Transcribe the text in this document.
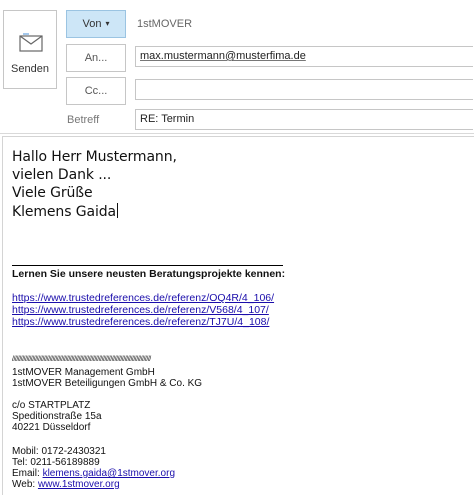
Senden
Von ▾	1stMOVER
An...	max.mustermann@musterfima.de
Cc...
Betreff	RE: Termin
Hallo Herr Mustermann,
vielen Dank ...
Viele Grüße
Klemens Gaida
Lernen Sie unsere neusten Beratungsprojekte kennen:
https://www.trustedreferences.de/referenz/OQ4R/4_106/
https://www.trustedreferences.de/referenz/V568/4_107/
https://www.trustedreferences.de/referenz/TJ7U/4_108/
////////////////////////////////////////////////////////////////////////////////////////////////
1stMOVER Management GmbH
1stMOVER Beteiligungen GmbH & Co. KG
c/o STARTPLATZ
Speditionstraße 15a
40221 Düsseldorf
Mobil: 0172-2430321
Tel: 0211-56189889
Email: klemens.gaida@1stmover.org
Web: www.1stmover.org
